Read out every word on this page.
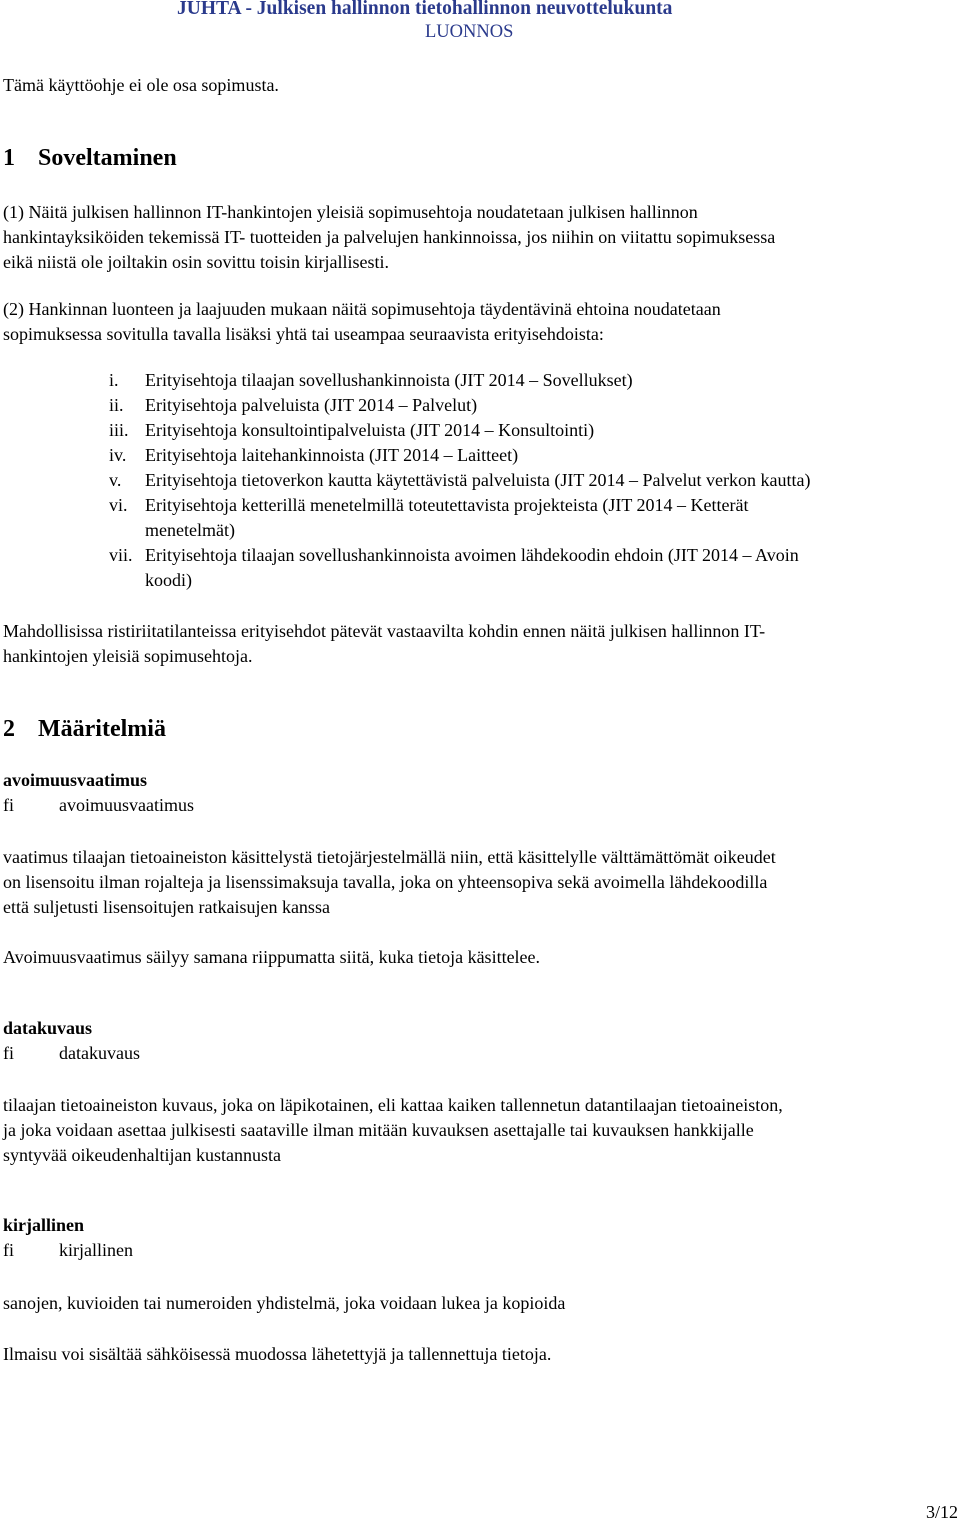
JUHTA - Julkisen hallinnon tietohallinnon neuvottelukunta
LUONNOS
Tämä käyttöohje ei ole osa sopimusta.
1 Soveltaminen
(1) Näitä julkisen hallinnon IT-hankintojen yleisiä sopimusehtoja noudatetaan julkisen hallinnon
hankintayksiköiden tekemissä IT- tuotteiden ja palvelujen hankinnoissa, jos niihin on viitattu sopimuksessa
eikä niistä ole joiltakin osin sovittu toisin kirjallisesti.
(2) Hankinnan luonteen ja laajuuden mukaan näitä sopimusehtoja täydentävinä ehtoina noudatetaan
sopimuksessa sovitulla tavalla lisäksi yhtä tai useampaa seuraavista erityisehdoista:
i.	Erityisehtoja tilaajan sovellushankinnoista (JIT 2014 – Sovellukset)
ii.	Erityisehtoja palveluista (JIT 2014 – Palvelut)
iii. Erityisehtoja konsultointipalveluista (JIT 2014 – Konsultointi)
iv.	Erityisehtoja laitehankinnoista (JIT 2014 – Laitteet)
v.	Erityisehtoja tietoverkon kautta käytettävistä palveluista (JIT 2014 – Palvelut verkon kautta)
vi. Erityisehtoja ketterillä menetelmillä toteutettavista projekteista (JIT 2014 – Ketterät
menetelmät)
vii. Erityisehtoja tilaajan sovellushankinnoista avoimen lähdekoodin ehdoin (JIT 2014 – Avoin
koodi)
Mahdollisissa ristiriitatilanteissa erityisehdot pätevät vastaavilta kohdin ennen näitä julkisen hallinnon IT-
hankintojen yleisiä sopimusehtoja.
2 Määritelmiä
avoimuusvaatimus
fi	avoimuusvaatimus
vaatimus tilaajan tietoaineiston käsittelystä tietojärjestelmällä niin, että käsittelylle välttämättömät oikeudet
on lisensoitu ilman rojalteja ja lisenssimaksuja tavalla, joka on yhteensopiva sekä avoimella lähdekoodilla
että suljetusti lisensoitujen ratkaisujen kanssa
Avoimuusvaatimus säilyy samana riippumatta siitä, kuka tietoja käsittelee.
datakuvaus
fi	datakuvaus
tilaajan tietoaineiston kuvaus, joka on läpikotainen, eli kattaa kaiken tallennetun datantilaajan tietoaineiston,
ja joka voidaan asettaa julkisesti saataville ilman mitään kuvauksen asettajalle tai kuvauksen hankkijalle
syntyvää oikeudenhaltijan kustannusta
kirjallinen
fi	kirjallinen
sanojen, kuvioiden tai numeroiden yhdistelmä, joka voidaan lukea ja kopioida
Ilmaisu voi sisältää sähköisessä muodossa lähetettyjä ja tallennettuja tietoja.
3/12
